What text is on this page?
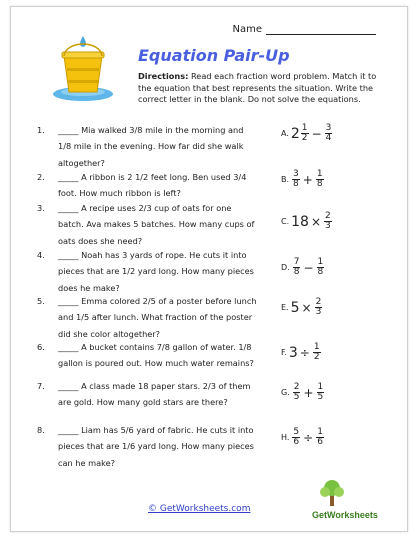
Name
Equation Pair-Up
Directions: Read each fraction word problem. Match it to the equation that best represents the situation. Write the correct letter in the blank. Do not solve the equations.
1. _____ Mia walked 3/8 mile in the morning and 1/8 mile in the evening. How far did she walk altogether?
2. _____ A ribbon is 2 1/2 feet long. Ben used 3/4 foot. How much ribbon is left?
3. _____ A recipe uses 2/3 cup of oats for one batch. Ava makes 5 batches. How many cups of oats does she need?
4. _____ Noah has 3 yards of rope. He cuts it into pieces that are 1/2 yard long. How many pieces does he make?
5. _____ Emma colored 2/5 of a poster before lunch and 1/5 after lunch. What fraction of the poster did she color altogether?
6. _____ A bucket contains 7/8 gallon of water. 1/8 gallon is poured out. How much water remains?
7. _____ A class made 18 paper stars. 2/3 of them are gold. How many gold stars are there?
8. _____ Liam has 5/6 yard of fabric. He cuts it into pieces that are 1/6 yard long. How many pieces can he make?
A. $2 \frac{1}{2} - \frac{3}{4}$
B. $\frac{3}{8} + \frac{1}{8}$
C. $18 \times \frac{2}{3}$
D. $\frac{7}{8} - \frac{1}{8}$
E. $5 \times \frac{2}{3}$
F. $3 \div \frac{1}{2}$
G. $\frac{2}{5} + \frac{1}{5}$
H. $\frac{5}{6} \div \frac{1}{6}$
© GetWorksheets.com
GetWorksheets
